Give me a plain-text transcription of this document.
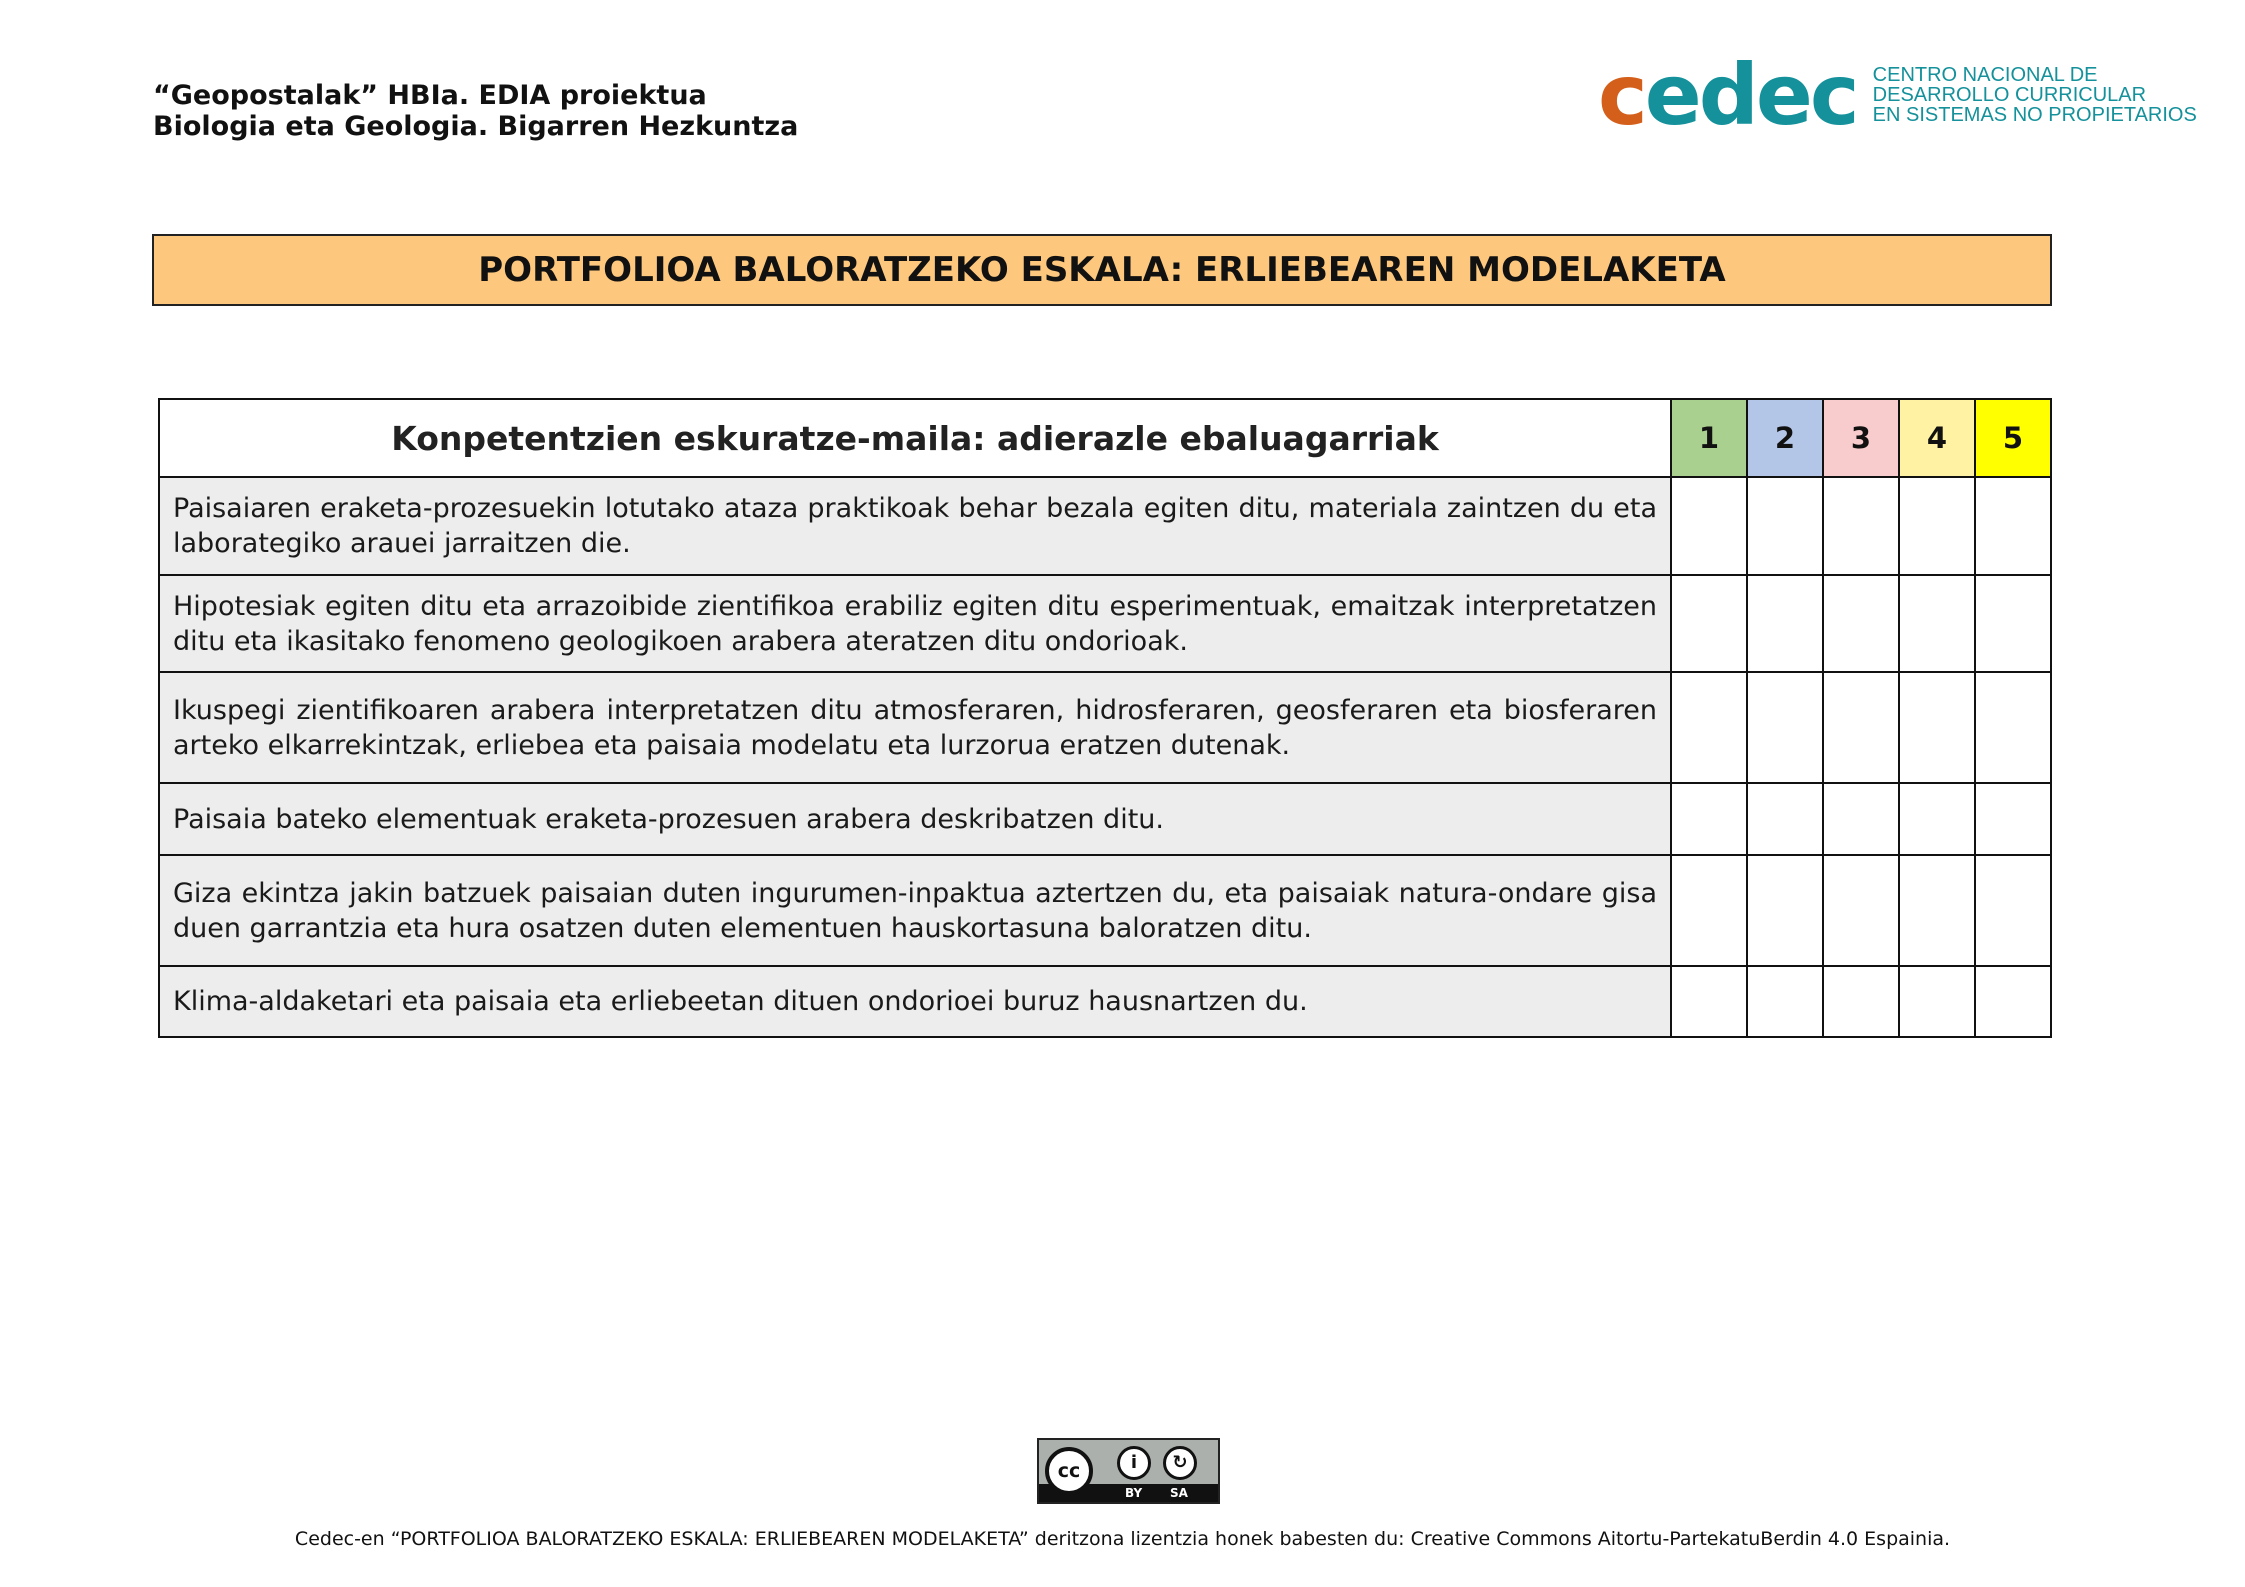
“Geopostalak” HBIa. EDIA proiektua
Biologia eta Geologia. Bigarren Hezkuntza	cedec CENTRO NACIONAL DE
DESARROLLO CURRICULAR
EN SISTEMAS NO PROPIETARIOS
PORTFOLIOA BALORATZEKO ESKALA: ERLIEBEAREN MODELAKETA
Konpetentzien eskuratze-maila: adierazle ebaluagarriak	1	2	3	4	5
Paisaiaren eraketa-prozesuekin lotutako ataza praktikoak behar bezala egiten ditu, materiala zaintzen du eta laborategiko arauei jarraitzen die.					
Hipotesiak egiten ditu eta arrazoibide zientifikoa erabiliz egiten ditu esperimentuak, emaitzak interpretatzen ditu eta ikasitako fenomeno geologikoen arabera ateratzen ditu ondorioak.					
Ikuspegi zientifikoaren arabera interpretatzen ditu atmosferaren, hidrosferaren, geosferaren eta biosferaren arteko elkarrekintzak, erliebea eta paisaia modelatu eta lurzorua eratzen dutenak.					
Paisaia bateko elementuak eraketa-prozesuen arabera deskribatzen ditu.					
Giza ekintza jakin batzuek paisaian duten ingurumen-inpaktua aztertzen du, eta paisaiak natura-ondare gisa duen garrantzia eta hura osatzen duten elementuen hauskortasuna baloratzen ditu.					
Klima-aldaketari eta paisaia eta erliebeetan dituen ondorioei buruz hausnartzen du.					
cc	i	↻
BY SA
Cedec-en “PORTFOLIOA BALORATZEKO ESKALA: ERLIEBEAREN MODELAKETA” deritzona lizentzia honek babesten du: Creative Commons Aitortu-PartekatuBerdin 4.0 Espainia.
